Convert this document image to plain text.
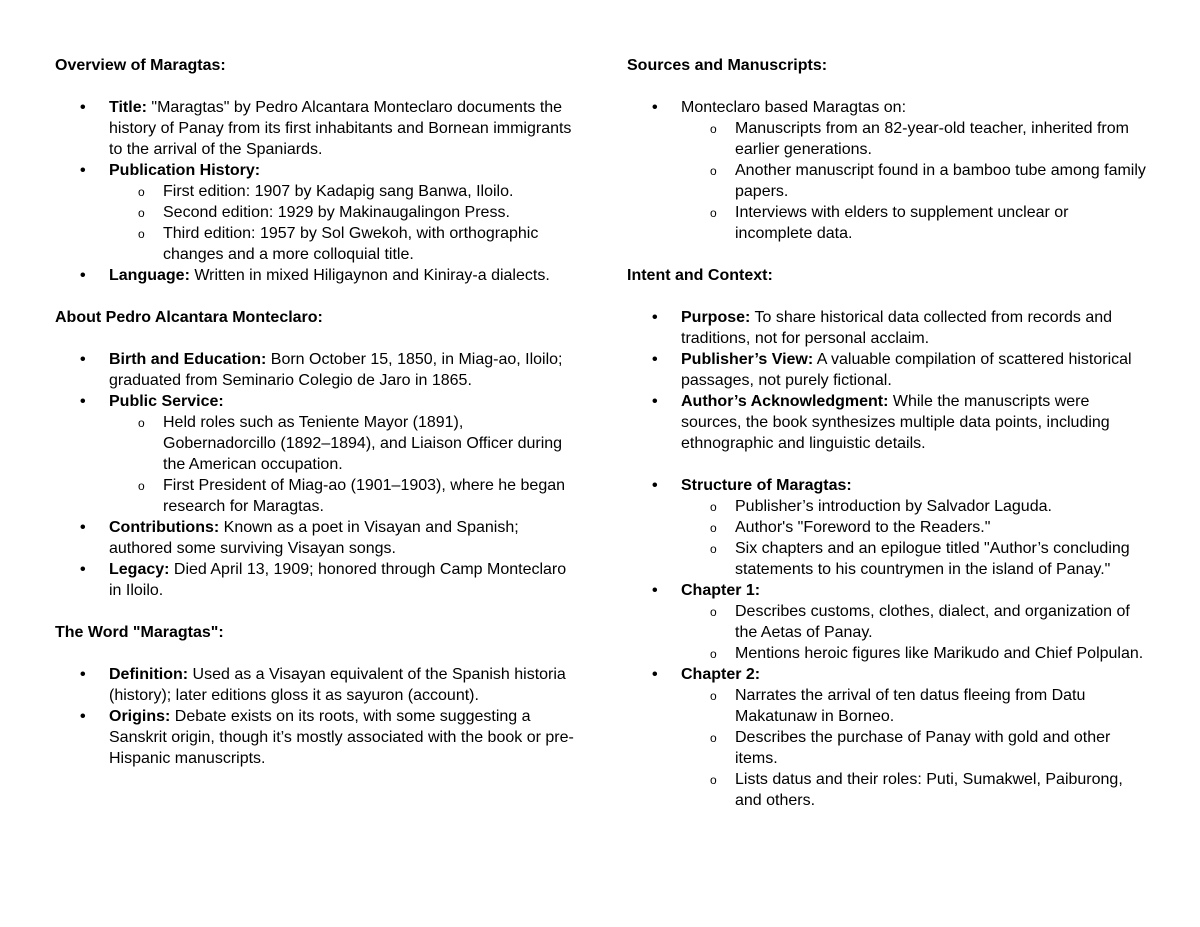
Overview of Maragtas:
• Title: "Maragtas" by Pedro Alcantara Monteclaro documents the history of Panay from its first inhabitants and Bornean immigrants to the arrival of the Spaniards.
• Publication History:
o First edition: 1907 by Kadapig sang Banwa, Iloilo.
o Second edition: 1929 by Makinaugalingon Press.
o Third edition: 1957 by Sol Gwekoh, with orthographic changes and a more colloquial title.
• Language: Written in mixed Hiligaynon and Kiniray-a dialects.
About Pedro Alcantara Monteclaro:
• Birth and Education: Born October 15, 1850, in Miag-ao, Iloilo; graduated from Seminario Colegio de Jaro in 1865.
• Public Service:
o Held roles such as Teniente Mayor (1891), Gobernadorcillo (1892–1894), and Liaison Officer during the American occupation.
o First President of Miag-ao (1901–1903), where he began research for Maragtas.
• Contributions: Known as a poet in Visayan and Spanish; authored some surviving Visayan songs.
• Legacy: Died April 13, 1909; honored through Camp Monteclaro in Iloilo.
The Word "Maragtas":
• Definition: Used as a Visayan equivalent of the Spanish historia (history); later editions gloss it as sayuron (account).
• Origins: Debate exists on its roots, with some suggesting a Sanskrit origin, though it’s mostly associated with the book or pre-Hispanic manuscripts.
Sources and Manuscripts:
• Monteclaro based Maragtas on:
o Manuscripts from an 82-year-old teacher, inherited from earlier generations.
o Another manuscript found in a bamboo tube among family papers.
o Interviews with elders to supplement unclear or incomplete data.
Intent and Context:
• Purpose: To share historical data collected from records and traditions, not for personal acclaim.
• Publisher’s View: A valuable compilation of scattered historical passages, not purely fictional.
• Author’s Acknowledgment: While the manuscripts were sources, the book synthesizes multiple data points, including ethnographic and linguistic details.
• Structure of Maragtas:
o Publisher’s introduction by Salvador Laguda.
o Author's "Foreword to the Readers."
o Six chapters and an epilogue titled "Author’s concluding statements to his countrymen in the island of Panay."
• Chapter 1:
o Describes customs, clothes, dialect, and organization of the Aetas of Panay.
o Mentions heroic figures like Marikudo and Chief Polpulan.
• Chapter 2:
o Narrates the arrival of ten datus fleeing from Datu Makatunaw in Borneo.
o Describes the purchase of Panay with gold and other items.
o Lists datus and their roles: Puti, Sumakwel, Paiburong, and others.
